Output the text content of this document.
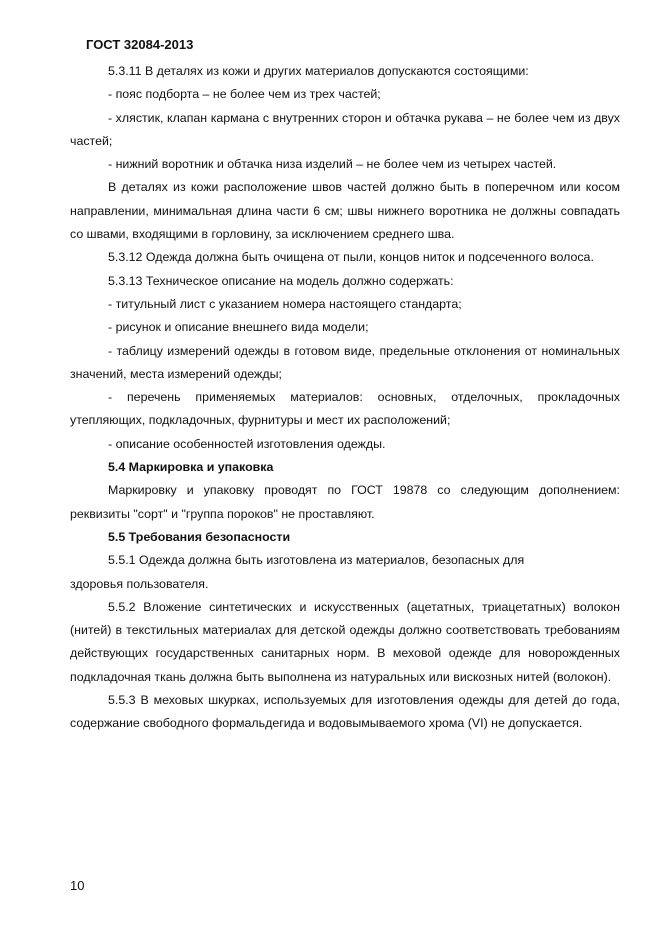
ГОСТ 32084-2013

5.3.11 В деталях из кожи и других материалов допускаются состоящими:

- пояс подборта – не более чем из трех частей;

- хлястик, клапан кармана с внутренних сторон и обтачка рукава – не более чем из двух частей;

- нижний воротник и обтачка низа изделий – не более чем из четырех частей.

В деталях из кожи расположение швов частей должно быть в поперечном или косом направлении, минимальная длина части 6 см; швы нижнего воротника не должны совпадать со швами, входящими в горловину, за исключением среднего шва.

5.3.12 Одежда должна быть очищена от пыли, концов ниток и подсеченного волоса.

5.3.13 Техническое описание на модель должно содержать:

- титульный лист с указанием номера настоящего стандарта;

- рисунок и описание внешнего вида модели;

- таблицу измерений одежды в готовом виде, предельные отклонения от номинальных значений, места измерений одежды;

- перечень применяемых материалов: основных, отделочных, прокладочных утепляющих, подкладочных, фурнитуры и мест их расположений;

- описание особенностей изготовления одежды.

5.4 Маркировка и упаковка

Маркировку и упаковку проводят по ГОСТ 19878 со следующим дополнением: реквизиты "сорт" и "группа пороков" не проставляют.

5.5 Требования безопасности

5.5.1 Одежда должна быть изготовлена из материалов, безопасных для

здоровья пользователя.

5.5.2 Вложение синтетических и искусственных (ацетатных, триацетатных) волокон (нитей) в текстильных материалах для детской одежды должно соответствовать требованиям действующих государственных санитарных норм. В меховой одежде для новорожденных подкладочная ткань должна быть выполнена из натуральных или вискозных нитей (волокон).

5.5.3 В меховых шкурках, используемых для изготовления одежды для детей до года, содержание свободного формальдегида и водовымываемого хрома (VI) не допускается.

10
